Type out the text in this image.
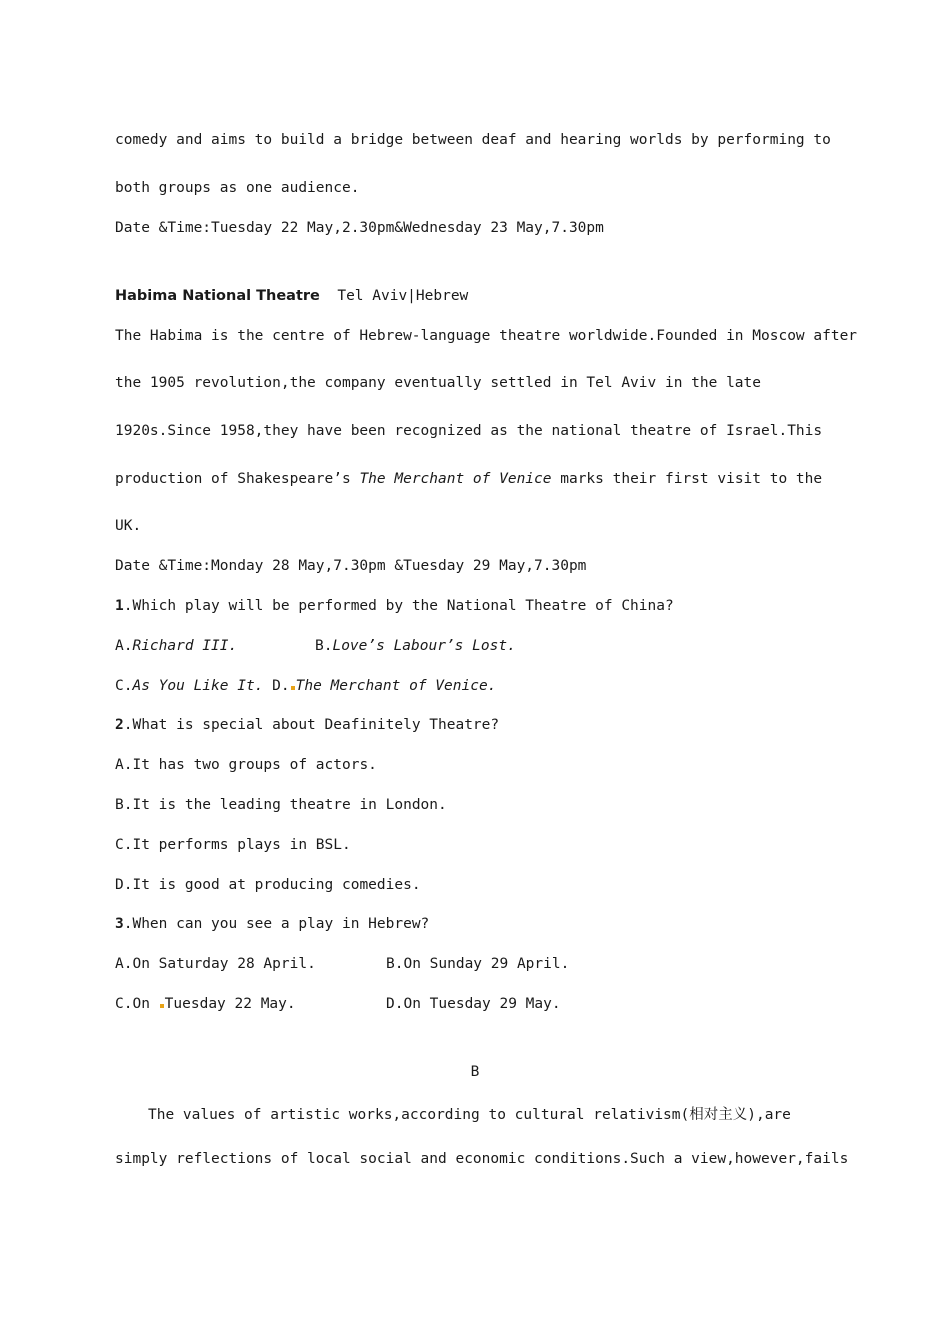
comedy and aims to build a bridge between deaf and hearing worlds by performing to
both groups as one audience.
Date &Time:Tuesday 22 May,2.30pm&Wednesday 23 May,7.30pm
Habima National Theatre Tel Aviv|Hebrew
The Habima is the centre of Hebrew-language theatre worldwide.Founded in Moscow after
the 1905 revolution,the company eventually settled in Tel Aviv in the late
1920s.Since 1958,they have been recognized as the national theatre of Israel.This
production of Shakespeare’s The Merchant of Venice marks their first visit to the
UK.
Date &Time:Monday 28 May,7.30pm &Tuesday 29 May,7.30pm
1.Which play will be performed by the National Theatre of China?
A.Richard III.	B.Love’s Labour’s Lost.
C.As You Like It. D. The Merchant of Venice.
2.What is special about Deafinitely Theatre?
A.It has two groups of actors.
B.It is the leading theatre in London.
C.It performs plays in BSL.
D.It is good at producing comedies.
3.When can you see a play in Hebrew?
A.On Saturday 28 April.	B.On Sunday 29 April.
C.On Tuesday 22 May.	D.On Tuesday 29 May.
B
The values of artistic works,according to cultural relativism(相对主义),are
simply reflections of local social and economic conditions.Such a view,however,fails
